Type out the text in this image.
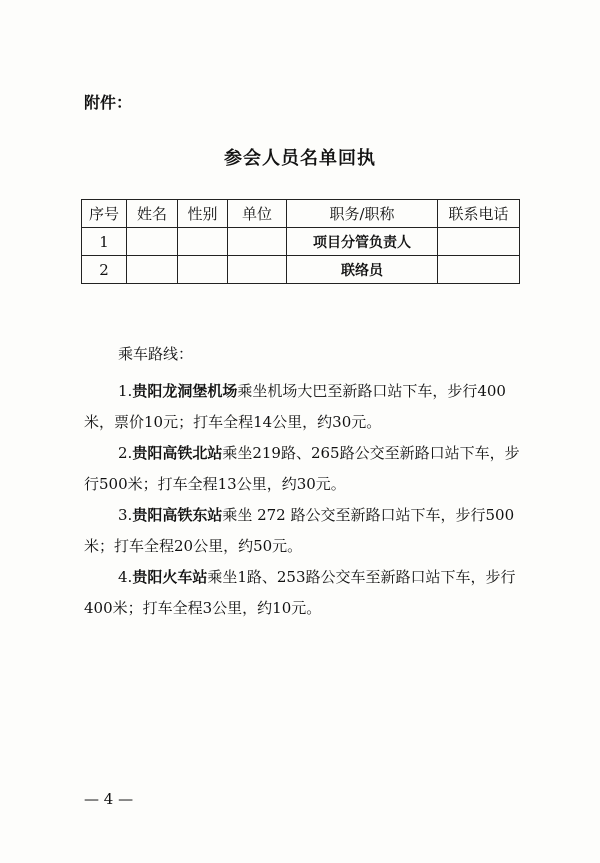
附件：
参会人员名单回执
序号	姓名	性别	单位	职务/职称	联系电话
1				项目分管负责人	
2				联络员	
乘车路线：
1.贵阳龙洞堡机场乘坐机场大巴至新路口站下车，步行400米，票价10元；打车全程14公里，约30元。
2.贵阳高铁北站乘坐219路、265路公交至新路口站下车，步行500米；打车全程13公里，约30元。
3.贵阳高铁东站乘坐 272 路公交至新路口站下车，步行500米；打车全程20公里，约50元。
4.贵阳火车站乘坐1路、253路公交车至新路口站下车，步行400米；打车全程3公里，约10元。
— 4 —
